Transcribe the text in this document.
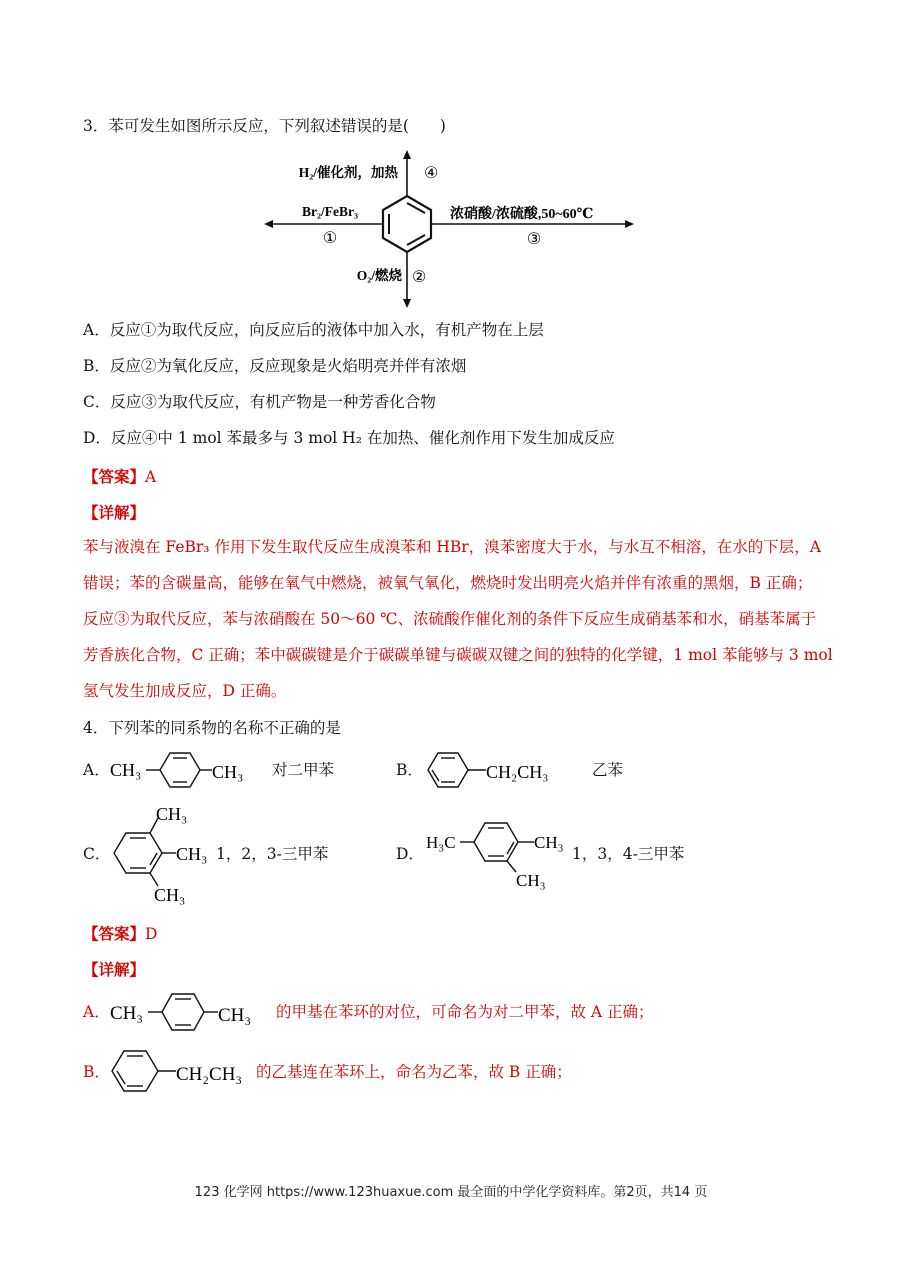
3．苯可发生如图所示反应，下列叙述错误的是(　　)
H₂/催化剂，加热 ④
Br₂/FeBr₃
①
浓硝酸/浓硫酸,50~60℃
③
O₂/燃烧 ②
A．反应①为取代反应，向反应后的液体中加入水，有机产物在上层
B．反应②为氧化反应，反应现象是火焰明亮并伴有浓烟
C．反应③为取代反应，有机产物是一种芳香化合物
D．反应④中 1 mol 苯最多与 3 mol H₂ 在加热、催化剂作用下发生加成反应
【答案】A
【详解】
苯与液溴在 FeBr₃ 作用下发生取代反应生成溴苯和 HBr，溴苯密度大于水，与水互不相溶，在水的下层，A
错误；苯的含碳量高，能够在氧气中燃烧，被氧气氧化，燃烧时发出明亮火焰并伴有浓重的黑烟，B 正确；
反应③为取代反应，苯与浓硝酸在 50～60 ℃、浓硫酸作催化剂的条件下反应生成硝基苯和水，硝基苯属于
芳香族化合物，C 正确；苯中碳碳键是介于碳碳单键与碳碳双键之间的独特的化学键，1 mol 苯能够与 3 mol
氢气发生加成反应，D 正确。
4．下列苯的同系物的名称不正确的是
A． CH₃	CH₃ 对二甲苯	B．	CH₂CH₃	乙苯
C．
CH₃
CH₃
CH₃
1，2，3-三甲苯	D．
H₃C	CH₃
CH₃
1，3，4-三甲苯
【答案】D
【详解】
A． CH₃	CH₃ 的甲基在苯环的对位，可命名为对二甲苯，故 A 正确；
B．	CH₂CH₃ 的乙基连在苯环上，命名为乙苯，故 B 正确；
123 化学网 https://www.123huaxue.com 最全面的中学化学资料库。第2页，共14 页
